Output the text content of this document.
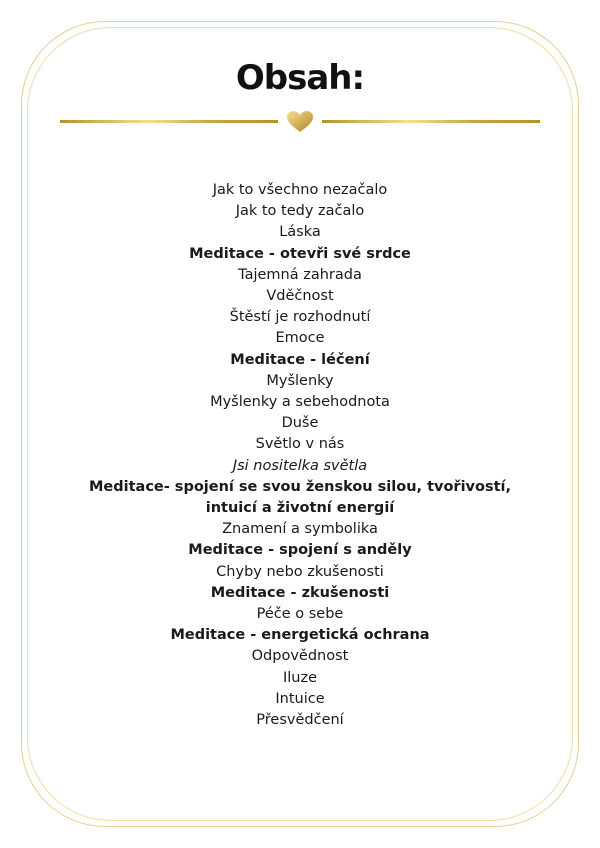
Obsah:
Jak to všechno nezačalo
Jak to tedy začalo
Láska
Meditace - otevři své srdce
Tajemná zahrada
Vděčnost
Štěstí je rozhodnutí
Emoce
Meditace - léčení
Myšlenky
Myšlenky a sebehodnota
Duše
Světlo v nás
Jsi nositelka světla
Meditace- spojení se svou ženskou silou, tvořivostí,
intuicí a životní energií
Znamení a symbolika
Meditace - spojení s anděly
Chyby nebo zkušenosti
Meditace - zkušenosti
Péče o sebe
Meditace - energetická ochrana
Odpovědnost
Iluze
Intuice
Přesvědčení
